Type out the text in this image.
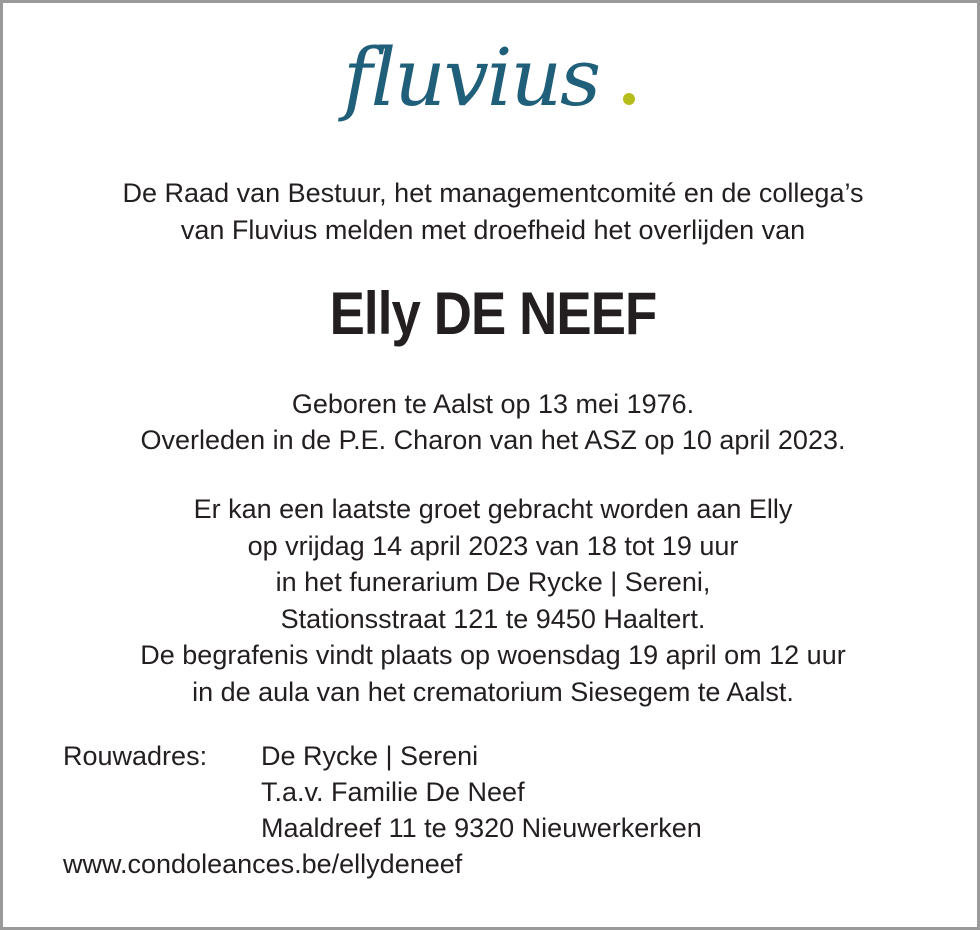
fluvius
De Raad van Bestuur, het managementcomité en de collega’s
van Fluvius melden met droefheid het overlijden van
Elly DE NEEF
Geboren te Aalst op 13 mei 1976.
Overleden in de P.E. Charon van het ASZ op 10 april 2023.
Er kan een laatste groet gebracht worden aan Elly
op vrijdag 14 april 2023 van 18 tot 19 uur
in het funerarium De Rycke | Sereni,
Stationsstraat 121 te 9450 Haaltert.
De begrafenis vindt plaats op woensdag 19 april om 12 uur
in de aula van het crematorium Siesegem te Aalst.
Rouwadres:	De Rycke | Sereni
T.a.v. Familie De Neef
Maaldreef 11 te 9320 Nieuwerkerken
www.condoleances.be/ellydeneef
